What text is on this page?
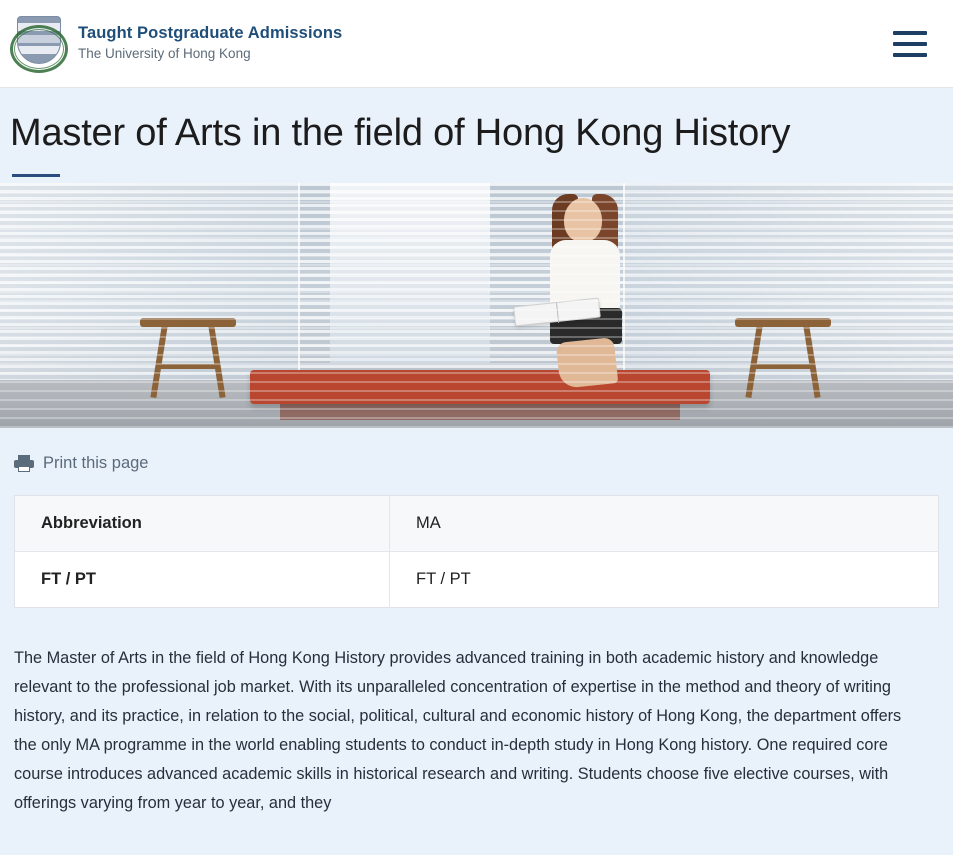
Taught Postgraduate Admissions
The University of Hong Kong
Master of Arts in the field of Hong Kong History
Print this page
Abbreviation	MA
FT / PT	FT / PT
The Master of Arts in the field of Hong Kong History provides advanced training in both academic history and knowledge relevant to the professional job market. With its unparalleled concentration of expertise in the method and theory of writing history, and its practice, in relation to the social, political, cultural and economic history of Hong Kong, the department offers the only MA programme in the world enabling students to conduct in-depth study in Hong Kong history. One required core course introduces advanced academic skills in historical research and writing. Students choose five elective courses, with offerings varying from year to year, and they
